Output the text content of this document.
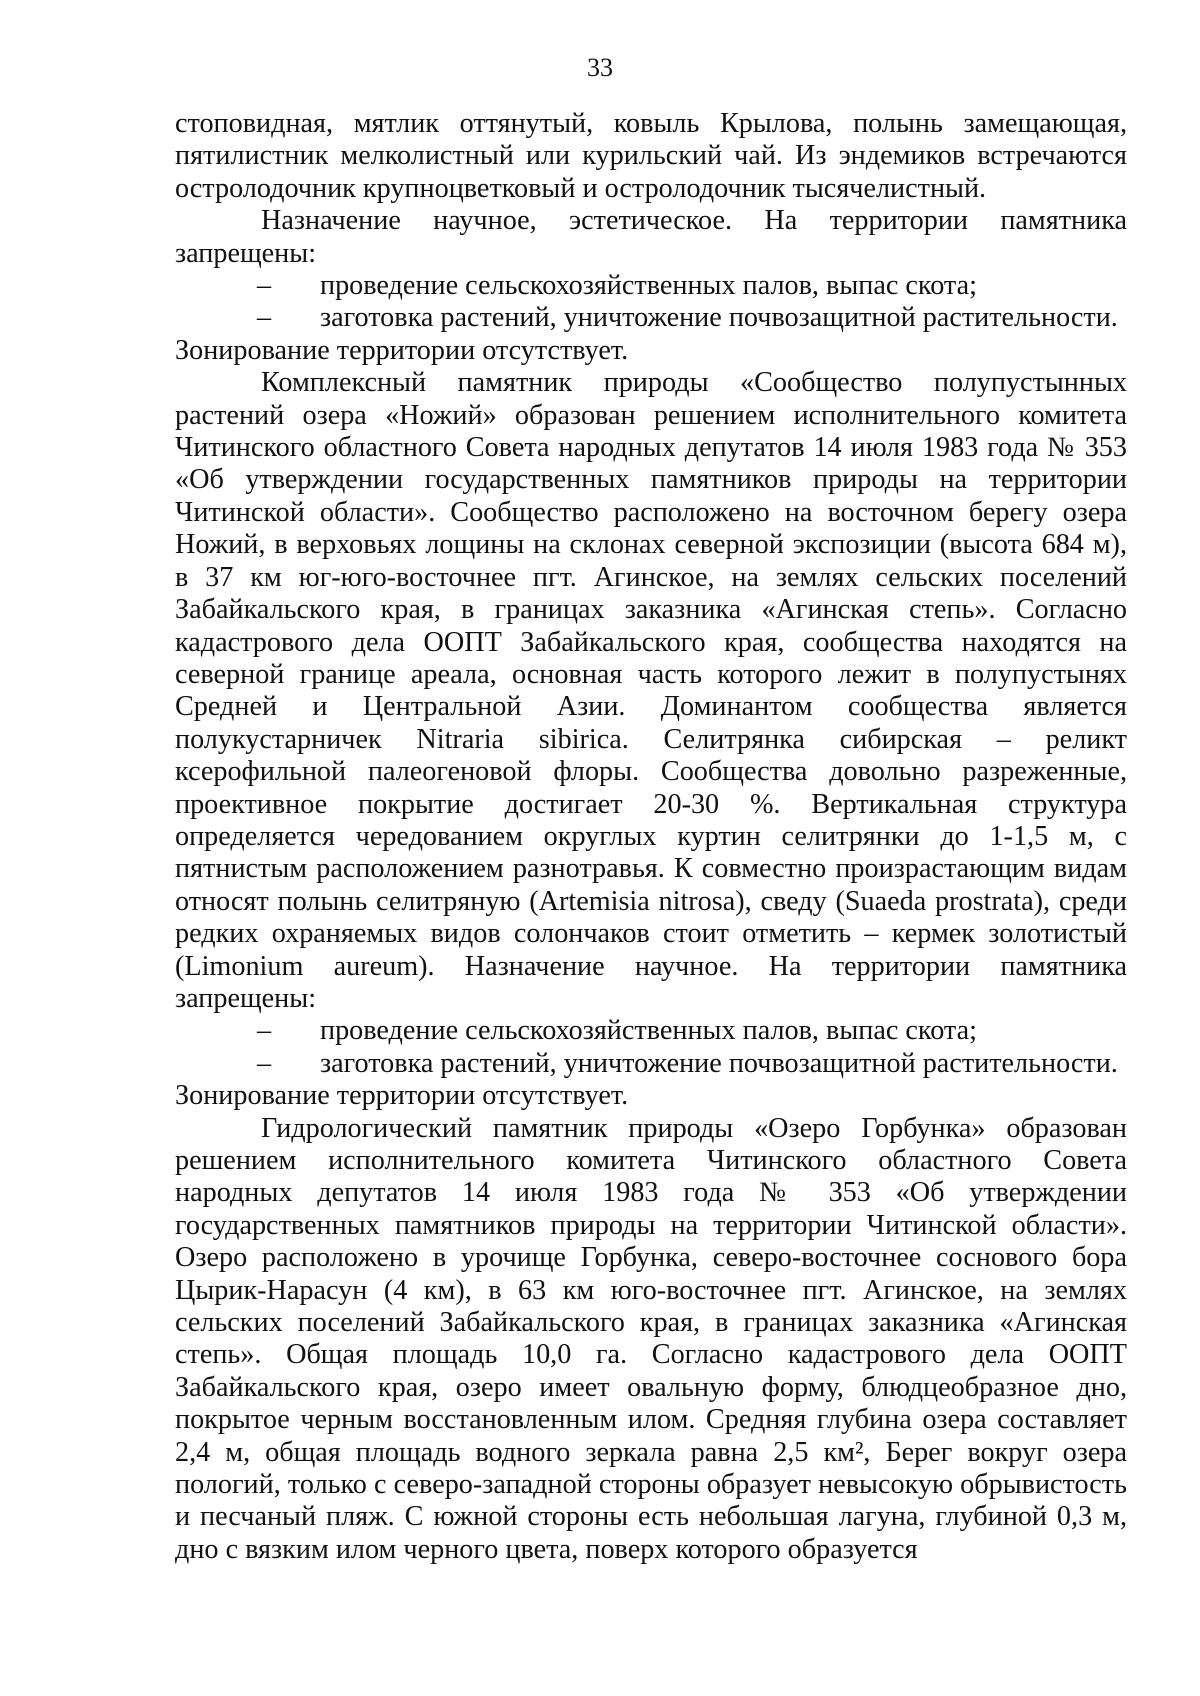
33

стоповидная, мятлик оттянутый, ковыль Крылова, полынь замещающая, пятилистник мелколистный или курильский чай. Из эндемиков встречаются остролодочник крупноцветковый и остролодочник тысячелистный.

Назначение научное, эстетическое. На территории памятника запрещены:

– проведение сельскохозяйственных палов, выпас скота;

– заготовка растений, уничтожение почвозащитной растительности.

Зонирование территории отсутствует.

Комплексный памятник природы «Сообщество полупустынных растений озера «Ножий» образован решением исполнительного комитета Читинского областного Совета народных депутатов 14 июля 1983 года № 353 «Об утверждении государственных памятников природы на территории Читинской области». Сообщество расположено на восточном берегу озера Ножий, в верховьях лощины на склонах северной экспозиции (высота 684 м), в 37 км юг-юго-восточнее пгт. Агинское, на землях сельских поселений Забайкальского края, в границах заказника «Агинская степь». Согласно кадастрового дела ООПТ Забайкальского края, сообщества находятся на северной границе ареала, основная часть которого лежит в полупустынях Средней и Центральной Азии. Доминантом сообщества является полукустарничек Nitraria sibirica. Селитрянка сибирская – реликт ксерофильной палеогеновой флоры. Сообщества довольно разреженные, проективное покрытие достигает 20-30 %. Вертикальная структура определяется чередованием округлых куртин селитрянки до 1-1,5 м, с пятнистым расположением разнотравья. К совместно произрастающим видам относят полынь селитряную (Artemisia nitrosa), сведу (Suaeda prostrata), среди редких охраняемых видов солончаков стоит отметить – кермек золотистый (Limonium aureum). Назначение научное. На территории памятника запрещены:

– проведение сельскохозяйственных палов, выпас скота;

– заготовка растений, уничтожение почвозащитной растительности.

Зонирование территории отсутствует.

Гидрологический памятник природы «Озеро Горбунка» образован решением исполнительного комитета Читинского областного Совета народных депутатов 14 июля 1983 года № 353 «Об утверждении государственных памятников природы на территории Читинской области». Озеро расположено в урочище Горбунка, северо-восточнее соснового бора Цырик-Нарасун (4 км), в 63 км юго-восточнее пгт. Агинское, на землях сельских поселений Забайкальского края, в границах заказника «Агинская степь». Общая площадь 10,0 га. Согласно кадастрового дела ООПТ Забайкальского края, озеро имеет овальную форму, блюдцеобразное дно, покрытое черным восстановленным илом. Средняя глубина озера составляет 2,4 м, общая площадь водного зеркала равна 2,5 км², Берег вокруг озера пологий, только с северо-западной стороны образует невысокую обрывистость и песчаный пляж. С южной стороны есть небольшая лагуна, глубиной 0,3 м, дно с вязким илом черного цвета, поверх которого образуется
